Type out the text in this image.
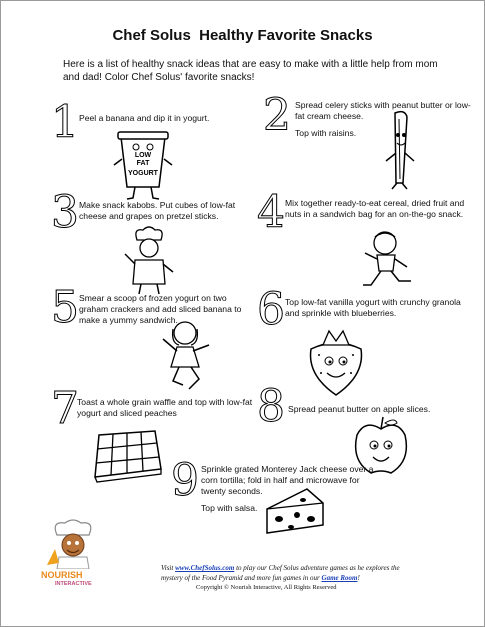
Chef Solus  Healthy Favorite Snacks
Here is a list of healthy snack ideas that are easy to make with a little help from mom and dad! Color Chef Solus' favorite snacks!
1 Peel a banana and dip it in yogurt.

LOW
FAT
YOGURT
2 Spread celery sticks with peanut butter or low-fat cream cheese.

Top with raisins.

3 Make snack kabobs. Put cubes of low-fat cheese and grapes on pretzel sticks. 4 Mix together ready-to-eat cereal, dried fruit and nuts in a sandwich bag for an on-the-go snack.

5 Smear a scoop of frozen yogurt on two graham crackers and add sliced banana to make a yummy sandwich.	6 Top low-fat vanilla yogurt with crunchy granola and sprinkle with blueberries.

7

Toast a whole grain waffle and top with low-fat yogurt and sliced peaches	8 Spread peanut butter on apple slices.

9 Sprinkle grated Monterey Jack cheese over a corn tortilla; fold in half and microwave for twenty seconds.

Top with salsa.

NOURISH
INTERACTIVE
Visit www.ChefSolus.com to play our Chef Solus adventure games as he explores the mystery of the Food Pyramid and more fun games in our Game Room!
Copyright © Nourish Interactive, All Rights Reserved
